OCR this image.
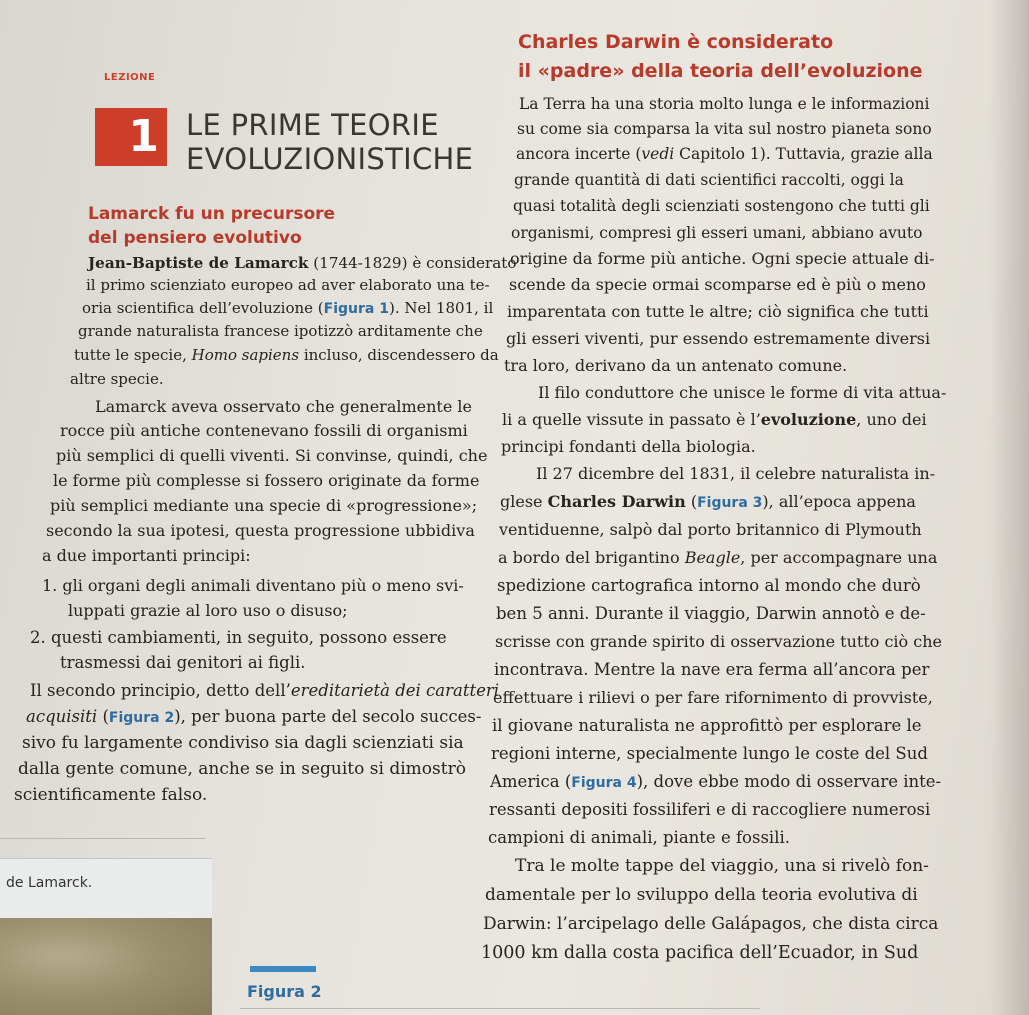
LEZIONE
1 LE PRIME TEORIE
EVOLUZIONISTICHE
Lamarck fu un precursore
del pensiero evolutivo
Jean-Baptiste de Lamarck (1744-1829) è considerato
il primo scienziato europeo ad aver elaborato una te-
oria scientifica dell’evoluzione (Figura 1). Nel 1801, il
grande naturalista francese ipotizzò arditamente che
tutte le specie, Homo sapiens incluso, discendessero da
altre specie.
Lamarck aveva osservato che generalmente le
rocce più antiche contenevano fossili di organismi
più semplici di quelli viventi. Si convinse, quindi, che
le forme più complesse si fossero originate da forme
più semplici mediante una specie di «progressione»;
secondo la sua ipotesi, questa progressione ubbidiva
a due importanti principi:
1. gli organi degli animali diventano più o meno svi-
luppati grazie al loro uso o disuso;
2. questi cambiamenti, in seguito, possono essere
trasmessi dai genitori ai figli.
Il secondo principio, detto dell’ereditarietà dei caratteri
acquisiti (Figura 2), per buona parte del secolo succes-
sivo fu largamente condiviso sia dagli scienziati sia
dalla gente comune, anche se in seguito si dimostrò
scientificamente falso.
de Lamarck.
Figura 2
Charles Darwin è considerato
il «padre» della teoria dell’evoluzione
La Terra ha una storia molto lunga e le informazioni
su come sia comparsa la vita sul nostro pianeta sono
ancora incerte (vedi Capitolo 1). Tuttavia, grazie alla
grande quantità di dati scientifici raccolti, oggi la
quasi totalità degli scienziati sostengono che tutti gli
organismi, compresi gli esseri umani, abbiano avuto
origine da forme più antiche. Ogni specie attuale di-
scende da specie ormai scomparse ed è più o meno
imparentata con tutte le altre; ciò significa che tutti
gli esseri viventi, pur essendo estremamente diversi
tra loro, derivano da un antenato comune.
Il filo conduttore che unisce le forme di vita attua-
li a quelle vissute in passato è l’evoluzione, uno dei
principi fondanti della biologia.
Il 27 dicembre del 1831, il celebre naturalista in-
glese Charles Darwin (Figura 3), all’epoca appena
ventiduenne, salpò dal porto britannico di Plymouth
a bordo del brigantino Beagle, per accompagnare una
spedizione cartografica intorno al mondo che durò
ben 5 anni. Durante il viaggio, Darwin annotò e de-
scrisse con grande spirito di osservazione tutto ciò che
incontrava. Mentre la nave era ferma all’ancora per
effettuare i rilievi o per fare rifornimento di provviste,
il giovane naturalista ne approfittò per esplorare le
regioni interne, specialmente lungo le coste del Sud
America (Figura 4), dove ebbe modo di osservare inte-
ressanti depositi fossiliferi e di raccogliere numerosi
campioni di animali, piante e fossili.
Tra le molte tappe del viaggio, una si rivelò fon-
damentale per lo sviluppo della teoria evolutiva di
Darwin: l’arcipelago delle Galápagos, che dista circa
1000 km dalla costa pacifica dell’Ecuador, in Sud
